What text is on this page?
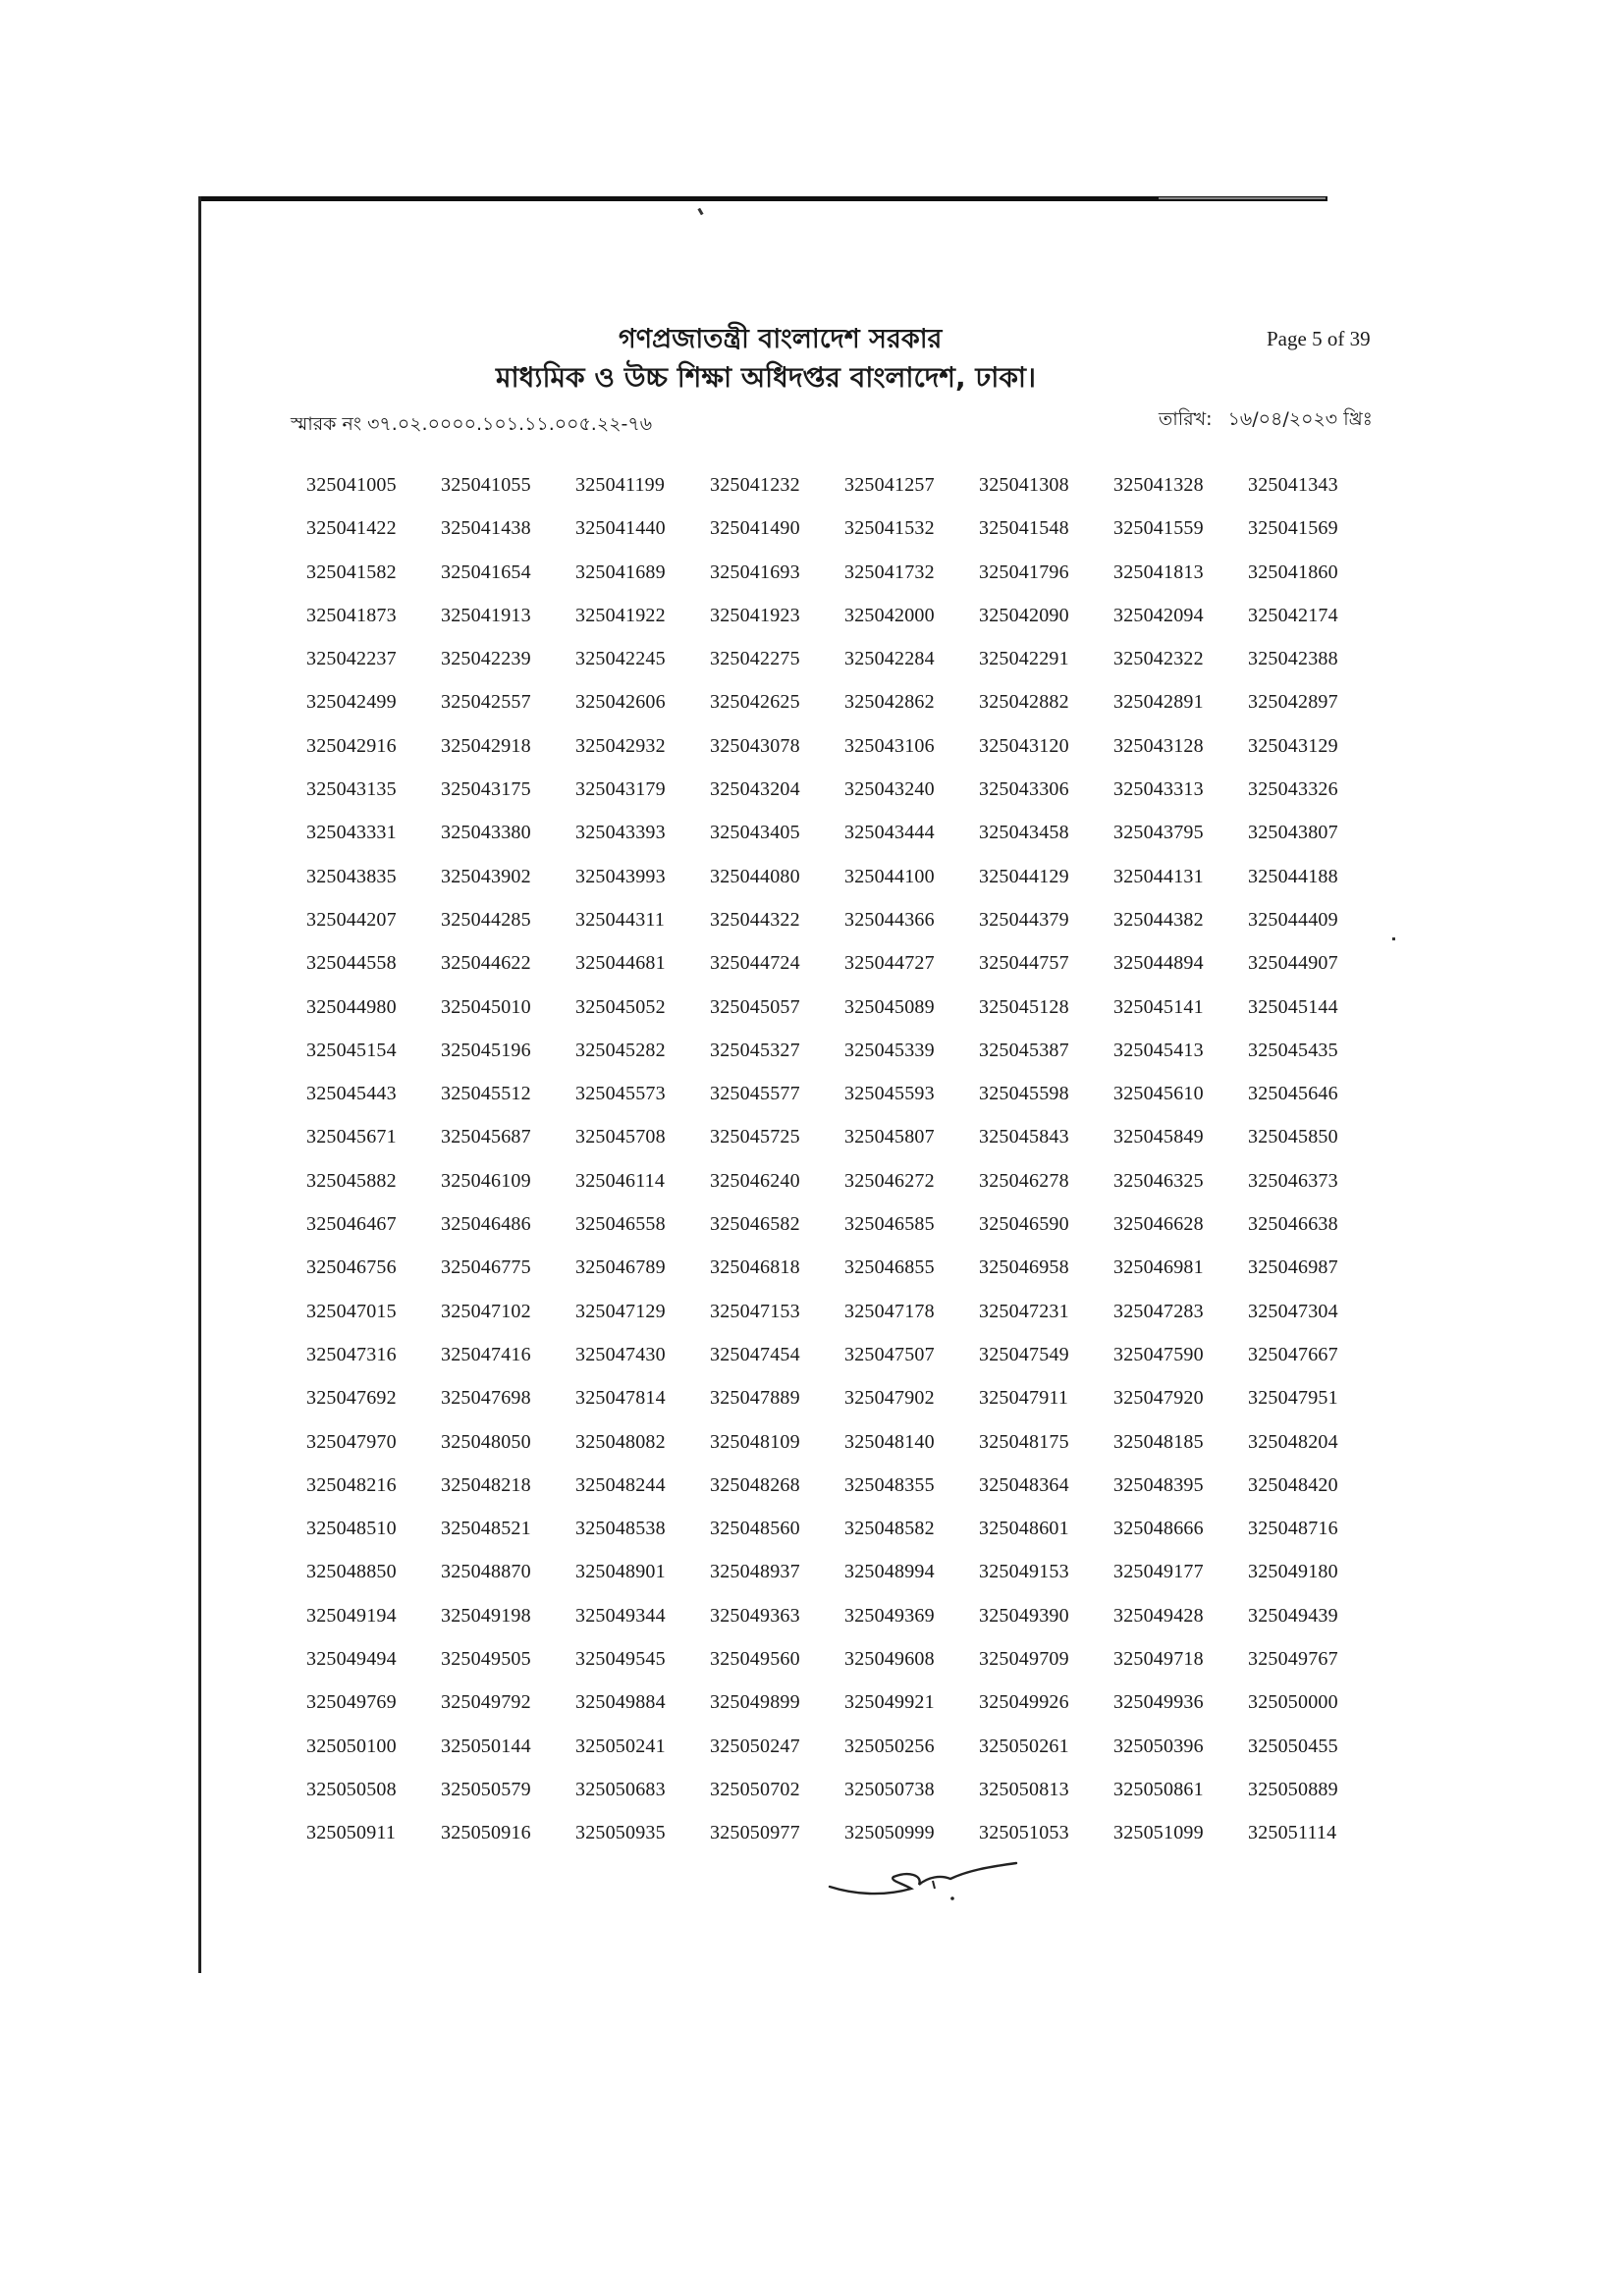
গণপ্রজাতন্ত্রী বাংলাদেশ সরকার
মাধ্যমিক ও উচ্চ শিক্ষা অধিদপ্তর বাংলাদেশ, ঢাকা।
Page 5 of 39
স্মারক নং ৩৭.০২.০০০০.১০১.১১.০০৫.২২-৭৬	তারিখ: ১৬/০৪/২০২৩ খ্রিঃ
325041005	325041055	325041199	325041232	325041257	325041308	325041328	325041343
325041422	325041438	325041440	325041490	325041532	325041548	325041559	325041569
325041582	325041654	325041689	325041693	325041732	325041796	325041813	325041860
325041873	325041913	325041922	325041923	325042000	325042090	325042094	325042174
325042237	325042239	325042245	325042275	325042284	325042291	325042322	325042388
325042499	325042557	325042606	325042625	325042862	325042882	325042891	325042897
325042916	325042918	325042932	325043078	325043106	325043120	325043128	325043129
325043135	325043175	325043179	325043204	325043240	325043306	325043313	325043326
325043331	325043380	325043393	325043405	325043444	325043458	325043795	325043807
325043835	325043902	325043993	325044080	325044100	325044129	325044131	325044188
325044207	325044285	325044311	325044322	325044366	325044379	325044382	325044409
325044558	325044622	325044681	325044724	325044727	325044757	325044894	325044907
325044980	325045010	325045052	325045057	325045089	325045128	325045141	325045144
325045154	325045196	325045282	325045327	325045339	325045387	325045413	325045435
325045443	325045512	325045573	325045577	325045593	325045598	325045610	325045646
325045671	325045687	325045708	325045725	325045807	325045843	325045849	325045850
325045882	325046109	325046114	325046240	325046272	325046278	325046325	325046373
325046467	325046486	325046558	325046582	325046585	325046590	325046628	325046638
325046756	325046775	325046789	325046818	325046855	325046958	325046981	325046987
325047015	325047102	325047129	325047153	325047178	325047231	325047283	325047304
325047316	325047416	325047430	325047454	325047507	325047549	325047590	325047667
325047692	325047698	325047814	325047889	325047902	325047911	325047920	325047951
325047970	325048050	325048082	325048109	325048140	325048175	325048185	325048204
325048216	325048218	325048244	325048268	325048355	325048364	325048395	325048420
325048510	325048521	325048538	325048560	325048582	325048601	325048666	325048716
325048850	325048870	325048901	325048937	325048994	325049153	325049177	325049180
325049194	325049198	325049344	325049363	325049369	325049390	325049428	325049439
325049494	325049505	325049545	325049560	325049608	325049709	325049718	325049767
325049769	325049792	325049884	325049899	325049921	325049926	325049936	325050000
325050100	325050144	325050241	325050247	325050256	325050261	325050396	325050455
325050508	325050579	325050683	325050702	325050738	325050813	325050861	325050889
325050911	325050916	325050935	325050977	325050999	325051053	325051099	325051114
